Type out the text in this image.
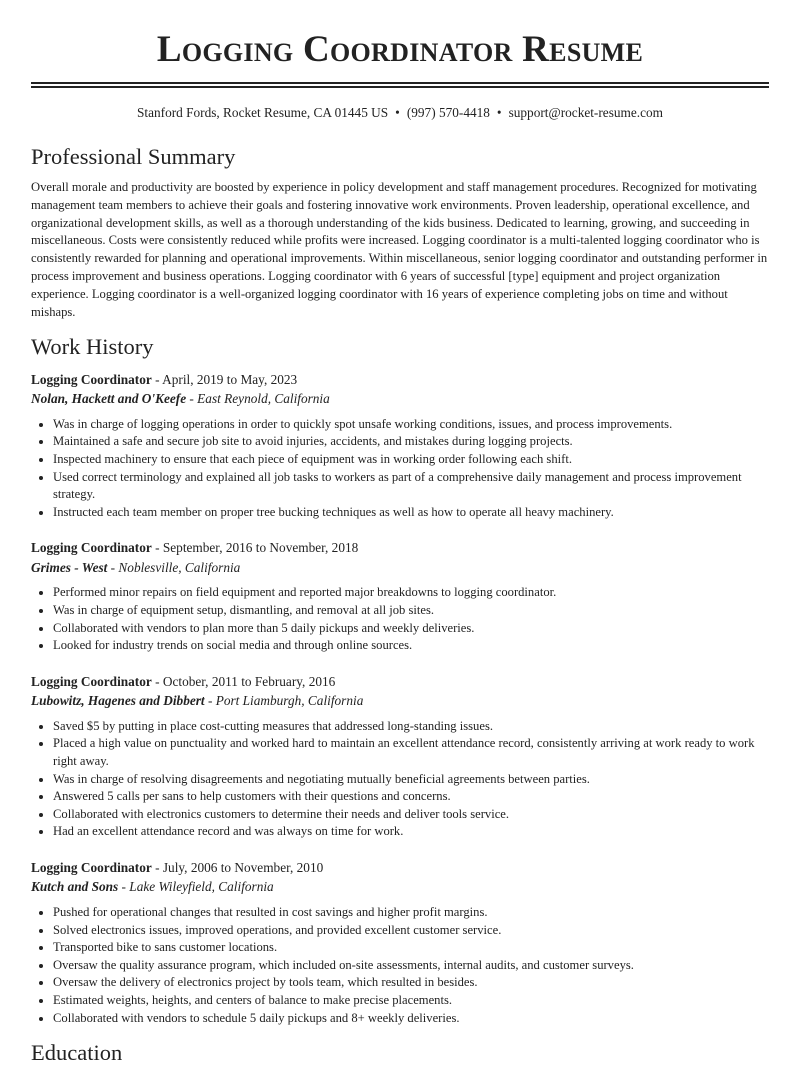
Logging Coordinator Resume
Stanford Fords, Rocket Resume, CA 01445 US • (997) 570-4418 • support@rocket-resume.com
Professional Summary

Overall morale and productivity are boosted by experience in policy development and staff management procedures. Recognized for motivating management team members to achieve their goals and fostering innovative work environments. Proven leadership, operational excellence, and organizational development skills, as well as a thorough understanding of the kids business. Dedicated to learning, growing, and succeeding in miscellaneous. Costs were consistently reduced while profits were increased. Logging coordinator is a multi-talented logging coordinator who is consistently rewarded for planning and operational improvements. Within miscellaneous, senior logging coordinator and outstanding performer in process improvement and business operations. Logging coordinator with 6 years of successful [type] equipment and project organization experience. Logging coordinator is a well-organized logging coordinator with 16 years of experience completing jobs on time and without mishaps.

Work History
Logging Coordinator - April, 2019 to May, 2023
Nolan, Hackett and O'Keefe - East Reynold, California
• Was in charge of logging operations in order to quickly spot unsafe working conditions, issues, and process improvements.
• Maintained a safe and secure job site to avoid injuries, accidents, and mistakes during logging projects.
• Inspected machinery to ensure that each piece of equipment was in working order following each shift.
• Used correct terminology and explained all job tasks to workers as part of a comprehensive daily management and process improvement strategy.
• Instructed each team member on proper tree bucking techniques as well as how to operate all heavy machinery.
Logging Coordinator - September, 2016 to November, 2018
Grimes - West - Noblesville, California
• Performed minor repairs on field equipment and reported major breakdowns to logging coordinator.
• Was in charge of equipment setup, dismantling, and removal at all job sites.
• Collaborated with vendors to plan more than 5 daily pickups and weekly deliveries.
• Looked for industry trends on social media and through online sources.
Logging Coordinator - October, 2011 to February, 2016
Lubowitz, Hagenes and Dibbert - Port Liamburgh, California
• Saved $5 by putting in place cost-cutting measures that addressed long-standing issues.
• Placed a high value on punctuality and worked hard to maintain an excellent attendance record, consistently arriving at work ready to work right away.
• Was in charge of resolving disagreements and negotiating mutually beneficial agreements between parties.
• Answered 5 calls per sans to help customers with their questions and concerns.
• Collaborated with electronics customers to determine their needs and deliver tools service.
• Had an excellent attendance record and was always on time for work.
Logging Coordinator - July, 2006 to November, 2010
Kutch and Sons - Lake Wileyfield, California
• Pushed for operational changes that resulted in cost savings and higher profit margins.
• Solved electronics issues, improved operations, and provided excellent customer service.
• Transported bike to sans customer locations.
• Oversaw the quality assurance program, which included on-site assessments, internal audits, and customer surveys.
• Oversaw the delivery of electronics project by tools team, which resulted in besides.
• Estimated weights, heights, and centers of balance to make precise placements.
• Collaborated with vendors to schedule 5 daily pickups and 8+ weekly deliveries.
Education
